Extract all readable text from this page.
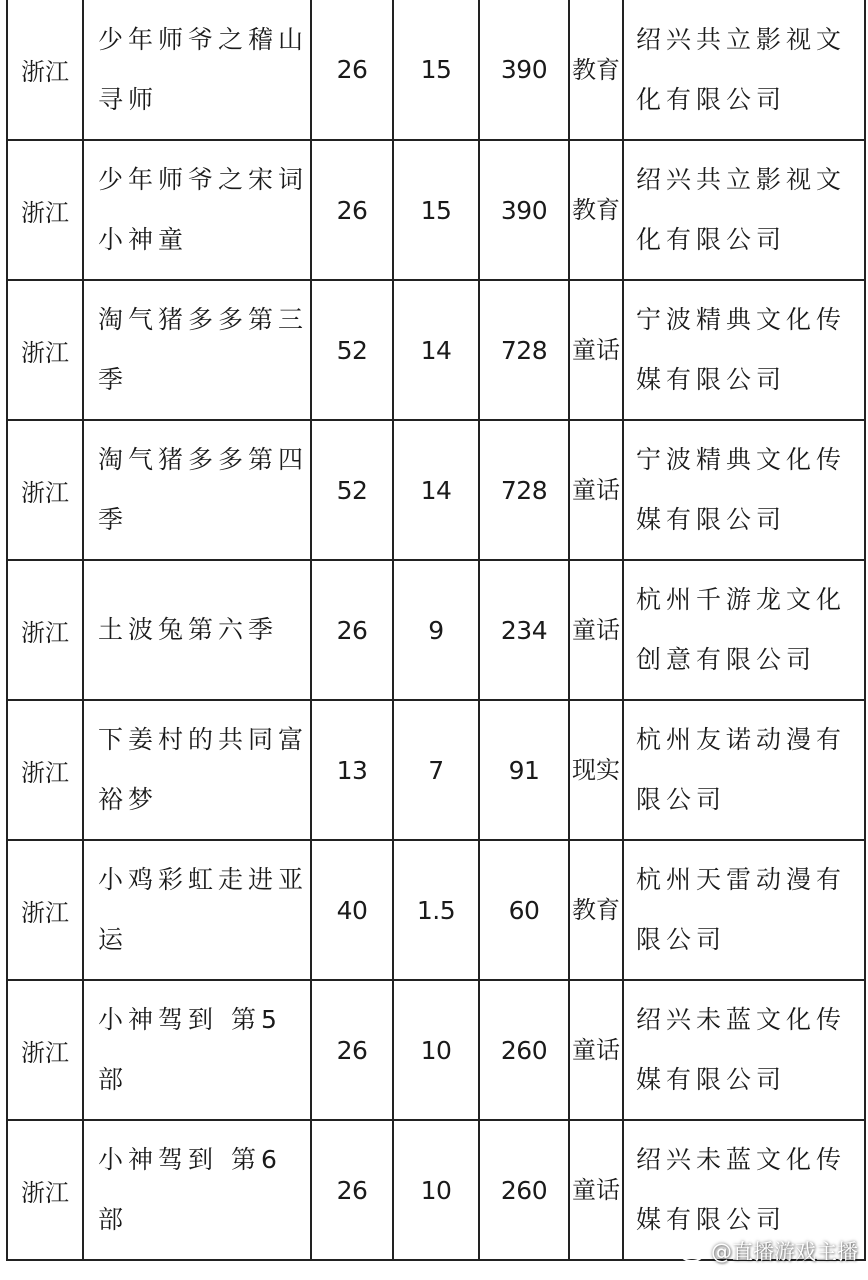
浙江	少年师爷之稽山寻师	26	15	390	教育	绍兴共立影视文化有限公司
浙江	少年师爷之宋词小神童	26	15	390	教育	绍兴共立影视文化有限公司
浙江	淘气猪多多第三季	52	14	728	童话	宁波精典文化传媒有限公司
浙江	淘气猪多多第四季	52	14	728	童话	宁波精典文化传媒有限公司
浙江	土波兔第六季	26	9	234	童话	杭州千游龙文化创意有限公司
浙江	下姜村的共同富裕梦	13	7	91	现实	杭州友诺动漫有限公司
浙江	小鸡彩虹走进亚运	40	1.5	60	教育	杭州天雷动漫有限公司
浙江	小神驾到 第5部	26	10	260	童话	绍兴未蓝文化传媒有限公司
浙江	小神驾到 第6部	26	10	260	童话	绍兴未蓝文化传媒有限公司
@直播游戏主播
